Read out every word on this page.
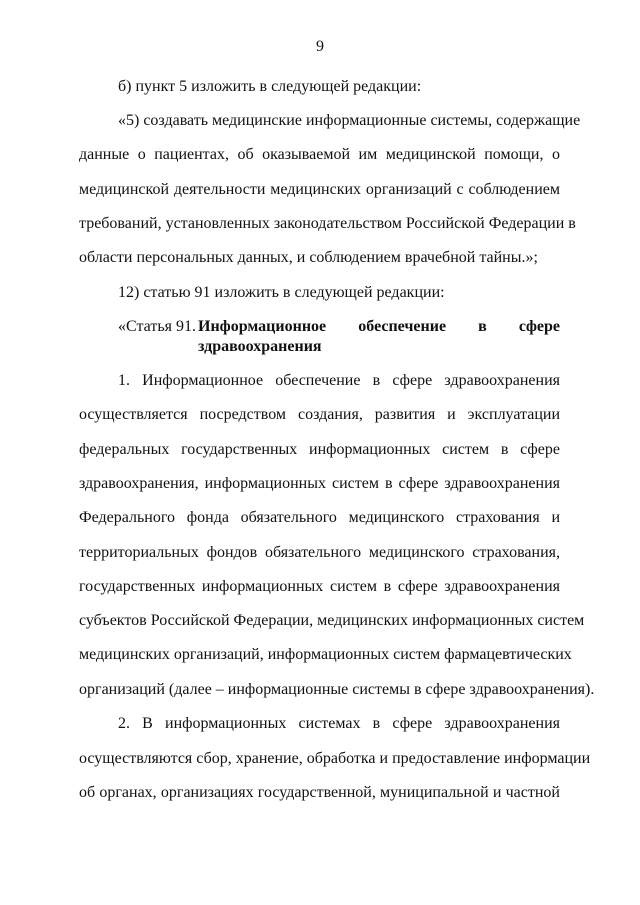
9
б) пункт 5 изложить в следующей редакции:
«5) создавать медицинские информационные системы, содержащие
данные о пациентах, об оказываемой им медицинской помощи, о
медицинской деятельности медицинских организаций с соблюдением
требований, установленных законодательством Российской Федерации в
области персональных данных, и соблюдением врачебной тайны.»;
12) статью 91 изложить в следующей редакции:
«Статья 91. Информационное обеспечение в сфере
здравоохранения
1. Информационное обеспечение в сфере здравоохранения
осуществляется посредством создания, развития и эксплуатации
федеральных государственных информационных систем в сфере
здравоохранения, информационных систем в сфере здравоохранения
Федерального фонда обязательного медицинского страхования и
территориальных фондов обязательного медицинского страхования,
государственных информационных систем в сфере здравоохранения
субъектов Российской Федерации, медицинских информационных систем
медицинских организаций, информационных систем фармацевтических
организаций (далее – информационные системы в сфере здравоохранения).
2. В информационных системах в сфере здравоохранения
осуществляются сбор, хранение, обработка и предоставление информации
об органах, организациях государственной, муниципальной и частной
